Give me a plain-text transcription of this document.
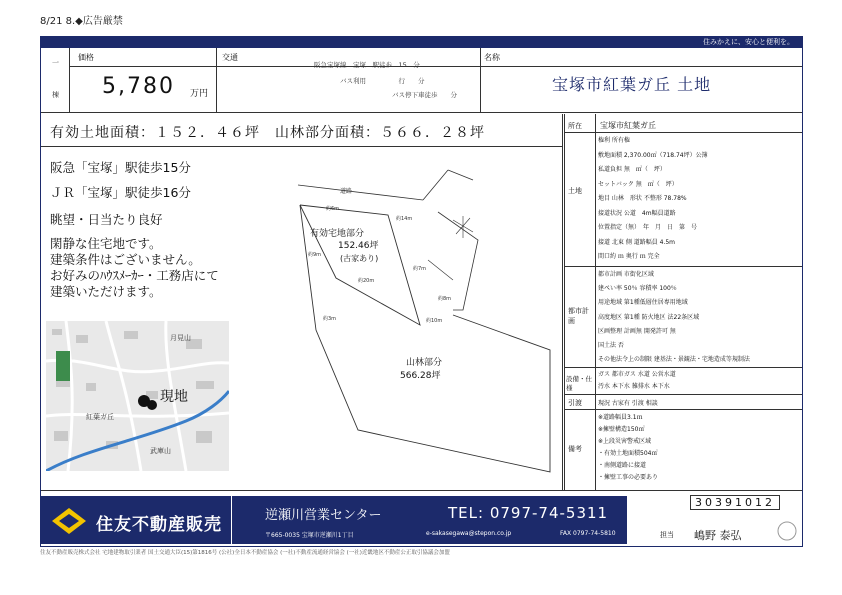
8/21 8.◆広告厳禁
住みかえに、安心と便利を。
一
棟
価格
5,780 万円
交通
阪急宝塚線　 宝塚　 駅徒歩　 15　 分
バス利用　　　　　	行　　 分
バス停下車徒歩　　 分
名称
宝塚市紅葉ガ丘 土地
有効土地面積：１５２．４６坪　山林部分面積：５６６．２８坪
阪急「宝塚」駅徒歩15分
ＪＲ「宝塚」駅徒歩16分
眺望・日当たり良好
閑静な住宅地です。
建築条件はございません。
お好みのﾊｳｽﾒｰｶｰ・工務店にて
建築いただけます。
道路
約6m
約14m
約9m
約20m
約7m
約8m
約10m
約3m
有効宅地部分
152.46坪
(古家あり)
山林部分
566.28坪
現地
紅葉ガ丘
月見山
武庫山
所在 宝塚市紅葉ガ丘
土地
権利 所有権
敷地面積 2,370.00㎡（718.74坪）公簿
私道負担 無　㎡（　坪）
セットバック 無　㎡（　坪）
地目 山林　形状 不整形 78.78%
接道状況 公道　4m幅員道路
位置指定（無）　年　月　日　第　号
接道 北東 側 道路幅員 4.5m
間口約 ｍ 奥行 ｍ 完全
都市計画
都市計画 市街化区域
建ぺい率 50％ 容積率 100％
用途地域 第1種低層住居専用地域
高度地区 第1種 防火地区 法22条区域
区画整理 計画無 開発許可 無
国土法 否
その他法令上の制限 建基法・景観法・宅地造成等規制法
設備・仕様
ガス 都市ガス 水道 公営水道
汚水 本下水 雑排水 本下水
引渡	現況 古家有 引渡 相談
備考
※道路幅員3.1ｍ
※擁壁構造150㎡
※上段災害警戒区域
・有効土地面積504㎡
・南側道路に接道
・擁壁工事の必要あり
住友不動産販売	逆瀬川営業センター	TEL: 0797-74-5311
〒665-0035 宝塚市逆瀬川1丁目	e-sakasegawa@stepon.co.jp	FAX 0797-74-5810
30391012
担当 嶋野 泰弘
住友不動産販売株式会社 宅地建物取引業者 国土交通大臣(15)第1816号 (公社)全日本不動産協会 (一社)不動産流通経営協会 (一社)近畿地区不動産公正取引協議会加盟
